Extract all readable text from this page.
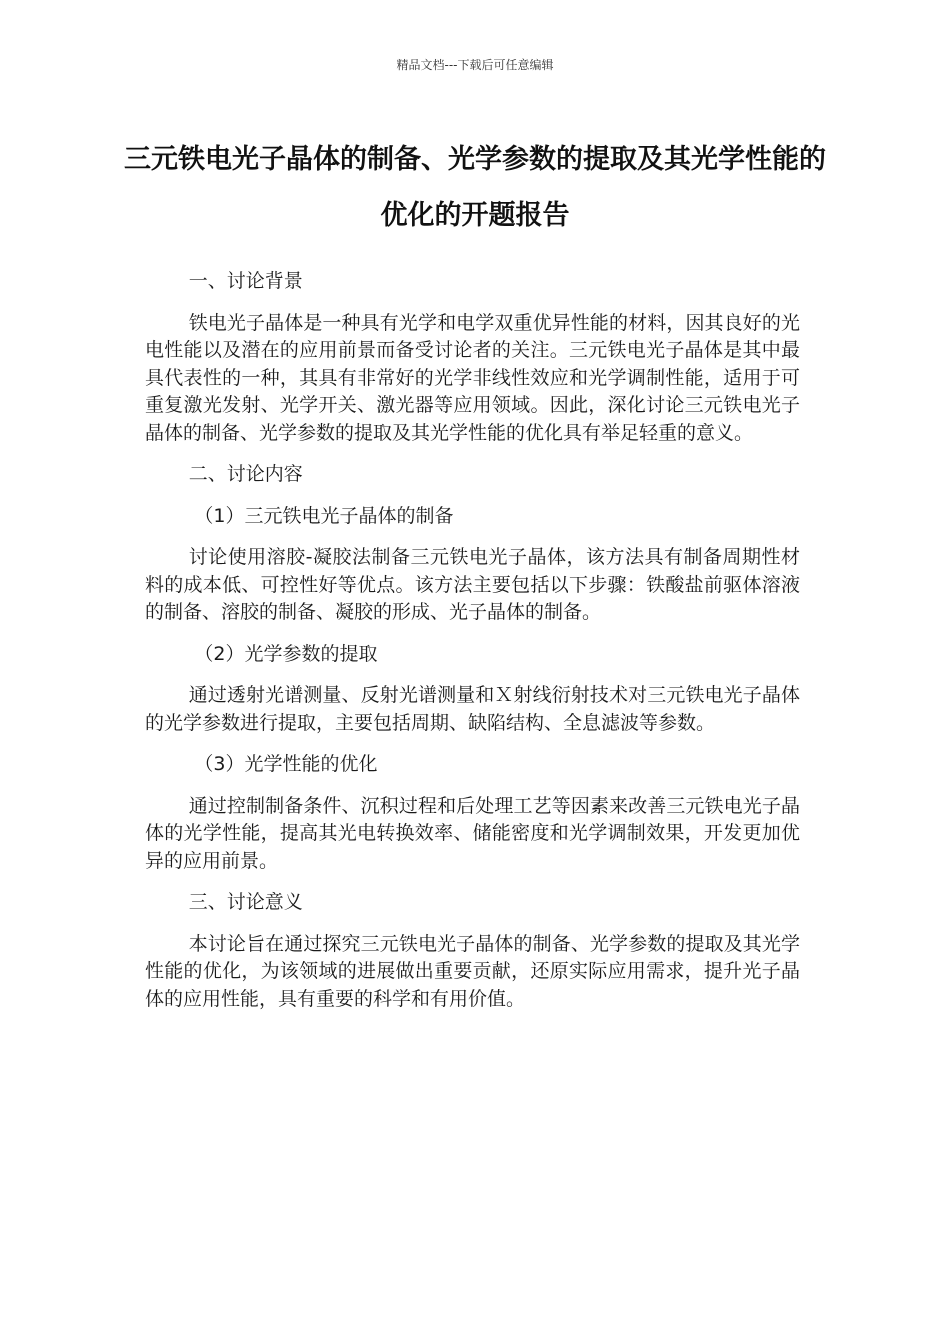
精品文档---下载后可任意编辑
三元铁电光子晶体的制备、光学参数的提取及其光学性能的优化的开题报告

一、讨论背景

铁电光子晶体是一种具有光学和电学双重优异性能的材料，因其良好的光电性能以及潜在的应用前景而备受讨论者的关注。三元铁电光子晶体是其中最具代表性的一种，其具有非常好的光学非线性效应和光学调制性能，适用于可重复激光发射、光学开关、激光器等应用领域。因此，深化讨论三元铁电光子晶体的制备、光学参数的提取及其光学性能的优化具有举足轻重的意义。

二、讨论内容

（1）三元铁电光子晶体的制备

讨论使用溶胶-凝胶法制备三元铁电光子晶体，该方法具有制备周期性材料的成本低、可控性好等优点。该方法主要包括以下步骤：铁酸盐前驱体溶液的制备、溶胶的制备、凝胶的形成、光子晶体的制备。

（2）光学参数的提取

通过透射光谱测量、反射光谱测量和Ｘ射线衍射技术对三元铁电光子晶体的光学参数进行提取，主要包括周期、缺陷结构、全息滤波等参数。

（3）光学性能的优化

通过控制制备条件、沉积过程和后处理工艺等因素来改善三元铁电光子晶体的光学性能，提高其光电转换效率、储能密度和光学调制效果，开发更加优异的应用前景。

三、讨论意义

本讨论旨在通过探究三元铁电光子晶体的制备、光学参数的提取及其光学性能的优化，为该领域的进展做出重要贡献，还原实际应用需求，提升光子晶体的应用性能，具有重要的科学和有用价值。
